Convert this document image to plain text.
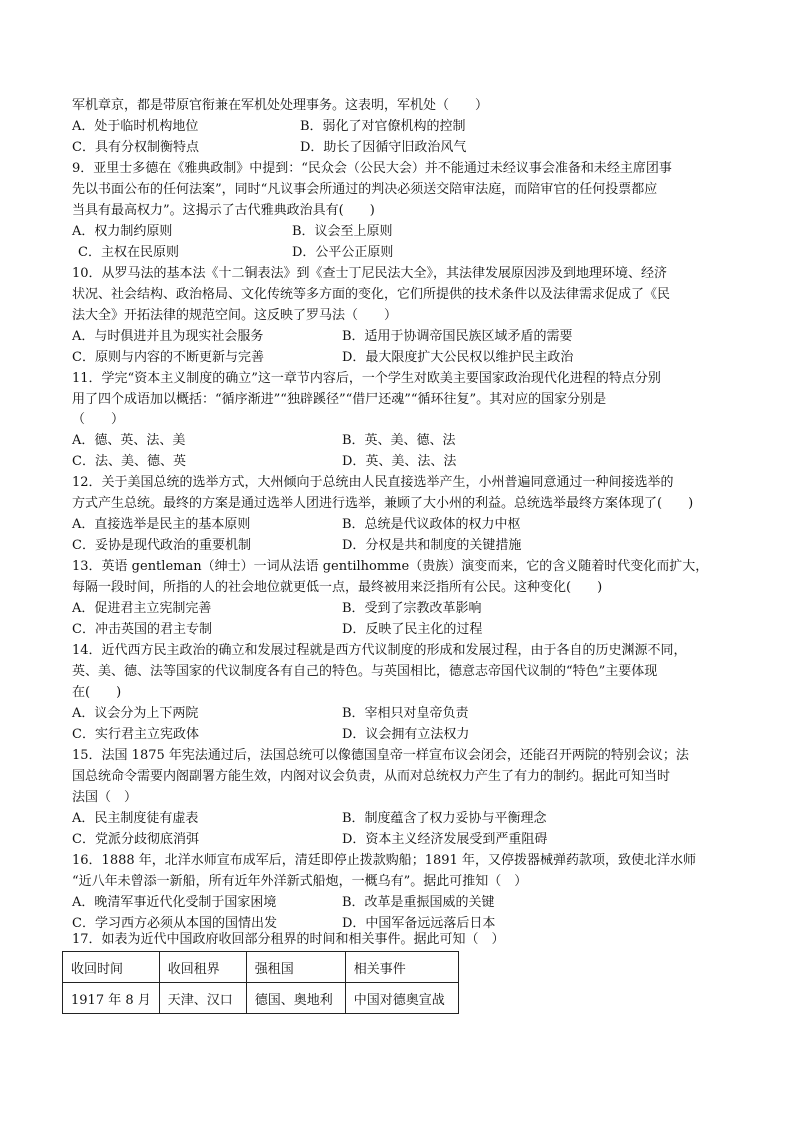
军机章京，都是带原官衔兼在军机处处理事务。这表明，军机处（　　）
A．处于临时机构地位	B．弱化了对官僚机构的控制
C．具有分权制衡特点	D．助长了因循守旧政治风气
9．亚里士多德在《雅典政制》中提到：“民众会（公民大会）并不能通过未经议事会准备和未经主席团事
先以书面公布的任何法案”，同时“凡议事会所通过的判决必须送交陪审法庭，而陪审官的任何投票都应
当具有最高权力”。这揭示了古代雅典政治具有(　　)
A．权力制约原则	B．议会至上原则
C．主权在民原则	D．公平公正原则
10．从罗马法的基本法《十二铜表法》到《查士丁尼民法大全》，其法律发展原因涉及到地理环境、经济
状况、社会结构、政治格局、文化传统等多方面的变化，它们所提供的技术条件以及法律需求促成了《民
法大全》开拓法律的规范空间。这反映了罗马法（　　）
A．与时俱进并且为现实社会服务	B．适用于协调帝国民族区域矛盾的需要
C．原则与内容的不断更新与完善	D．最大限度扩大公民权以维护民主政治
11．学完“资本主义制度的确立”这一章节内容后，一个学生对欧美主要国家政治现代化进程的特点分别
用了四个成语加以概括：“循序渐进”“独辟蹊径”“借尸还魂”“循环往复”。其对应的国家分别是
（　　）
A．德、英、法、美	B．英、美、德、法
C．法、美、德、英	D．英、美、法、法
12．关于美国总统的选举方式，大州倾向于总统由人民直接选举产生，小州普遍同意通过一种间接选举的
方式产生总统。最终的方案是通过选举人团进行选举，兼顾了大小州的利益。总统选举最终方案体现了(　　)
A．直接选举是民主的基本原则	B．总统是代议政体的权力中枢
C．妥协是现代政治的重要机制	D．分权是共和制度的关键措施
13．英语 gentleman（绅士）一词从法语 gentilhomme（贵族）演变而来，它的含义随着时代变化而扩大，
每隔一段时间，所指的人的社会地位就更低一点，最终被用来泛指所有公民。这种变化(　　)
A．促进君主立宪制完善	B．受到了宗教改革影响
C．冲击英国的君主专制	D．反映了民主化的过程
14．近代西方民主政治的确立和发展过程就是西方代议制度的形成和发展过程，由于各自的历史渊源不同，
英、美、德、法等国家的代议制度各有自己的特色。与英国相比，德意志帝国代议制的“特色”主要体现
在(　　)
A．议会分为上下两院	B．宰相只对皇帝负责
C．实行君主立宪政体	D．议会拥有立法权力
15．法国 1875 年宪法通过后，法国总统可以像德国皇帝一样宣布议会闭会，还能召开两院的特别会议；法
国总统命令需要内阁副署方能生效，内阁对议会负责，从而对总统权力产生了有力的制约。据此可知当时
法国（　）
A．民主制度徒有虚表	B．制度蕴含了权力妥协与平衡理念
C．党派分歧彻底消弭	D．资本主义经济发展受到严重阻碍
16．1888 年，北洋水师宣布成军后，清廷即停止拨款购船；1891 年，又停拨器械弹药款项，致使北洋水师
“近八年未曾添一新船，所有近年外洋新式船炮，一概乌有”。据此可推知（　）
A．晚清军事近代化受制于国家困境	B．改革是重振国威的关键
C．学习西方必须从本国的国情出发	D．中国军备远远落后日本
17．如表为近代中国政府收回部分租界的时间和相关事件。据此可知（　）
收回时间	收回租界	强租国	相关事件
1917 年 8 月	天津、汉口	德国、奥地利	中国对德奥宣战
